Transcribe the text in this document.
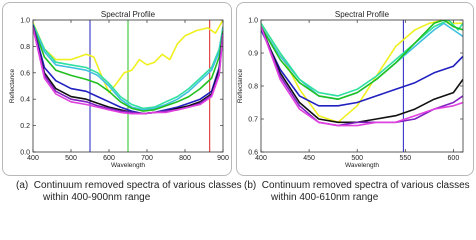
Spectral Profile
400	500	600	700	800	900
0.0
0.2
0.4
0.6
0.8
1.0
Wavelength
Reflectance
Spectral Profile
400	450	500	550	600
0.6
0.7
0.8
0.9
1.0
Wavelength
Reflectance

(a) Continuum removed spectra of various classes
within 400-900nm range

(b) Continuum removed spectra of various classes
within 400-610nm range
